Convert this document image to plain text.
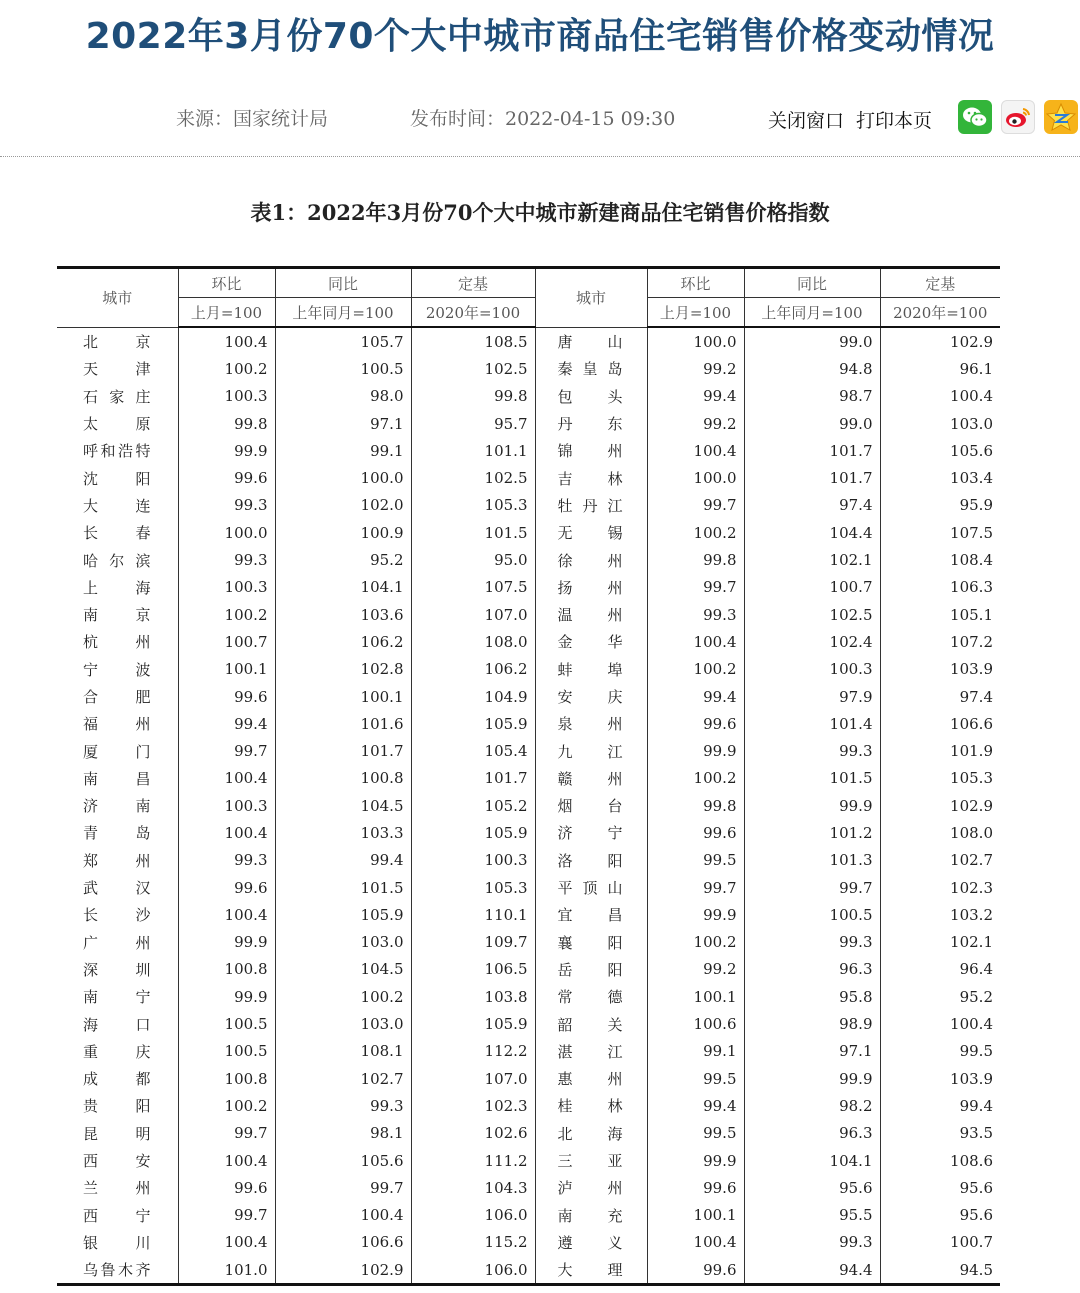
2022年3月份70个大中城市商品住宅销售价格变动情况
来源：国家统计局	发布时间：2022-04-15 09:30	关闭窗口 打印本页
表1：2022年3月份70个大中城市新建商品住宅销售价格指数
城市	环比	同比	定基	城市	环比	同比	定基
	上月=100	上年同月=100	2020年=100		上月=100	上年同月=100	2020年=100

北 京	100.4	105.7	108.5	唐 山	100.0	99.0	102.9

天 津	100.2	100.5	102.5	秦 皇 岛	99.2	94.8	96.1

石 家 庄	100.3	98.0	99.8	包 头	99.4	98.7	100.4

太 原	99.8	97.1	95.7	丹 东	99.2	99.0	103.0

呼 和 浩 特	99.9	99.1	101.1	锦 州	100.4	101.7	105.6

沈 阳	99.6	100.0	102.5	吉 林	100.0	101.7	103.4

大 连	99.3	102.0	105.3	牡 丹 江	99.7	97.4	95.9

长 春	100.0	100.9	101.5	无 锡	100.2	104.4	107.5

哈 尔 滨	99.3	95.2	95.0	徐 州	99.8	102.1	108.4

上 海	100.3	104.1	107.5	扬 州	99.7	100.7	106.3

南 京	100.2	103.6	107.0	温 州	99.3	102.5	105.1

杭 州	100.7	106.2	108.0	金 华	100.4	102.4	107.2

宁 波	100.1	102.8	106.2	蚌 埠	100.2	100.3	103.9

合 肥	99.6	100.1	104.9	安 庆	99.4	97.9	97.4

福 州	99.4	101.6	105.9	泉 州	99.6	101.4	106.6

厦 门	99.7	101.7	105.4	九 江	99.9	99.3	101.9

南 昌	100.4	100.8	101.7	赣 州	100.2	101.5	105.3

济 南	100.3	104.5	105.2	烟 台	99.8	99.9	102.9

青 岛	100.4	103.3	105.9	济 宁	99.6	101.2	108.0

郑 州	99.3	99.4	100.3	洛 阳	99.5	101.3	102.7

武 汉	99.6	101.5	105.3	平 顶 山	99.7	99.7	102.3

长 沙	100.4	105.9	110.1	宜 昌	99.9	100.5	103.2

广 州	99.9	103.0	109.7	襄 阳	100.2	99.3	102.1

深 圳	100.8	104.5	106.5	岳 阳	99.2	96.3	96.4

南 宁	99.9	100.2	103.8	常 德	100.1	95.8	95.2

海 口	100.5	103.0	105.9	韶 关	100.6	98.9	100.4

重 庆	100.5	108.1	112.2	湛 江	99.1	97.1	99.5

成 都	100.8	102.7	107.0	惠 州	99.5	99.9	103.9

贵 阳	100.2	99.3	102.3	桂 林	99.4	98.2	99.4

昆 明	99.7	98.1	102.6	北 海	99.5	96.3	93.5

西 安	100.4	105.6	111.2	三 亚	99.9	104.1	108.6

兰 州	99.6	99.7	104.3	泸 州	99.6	95.6	95.6

西 宁	99.7	100.4	106.0	南 充	100.1	95.5	95.6

银 川	100.4	106.6	115.2	遵 义	100.4	99.3	100.7

乌 鲁 木 齐	101.0	102.9	106.0	大 理	99.6	94.4	94.5
